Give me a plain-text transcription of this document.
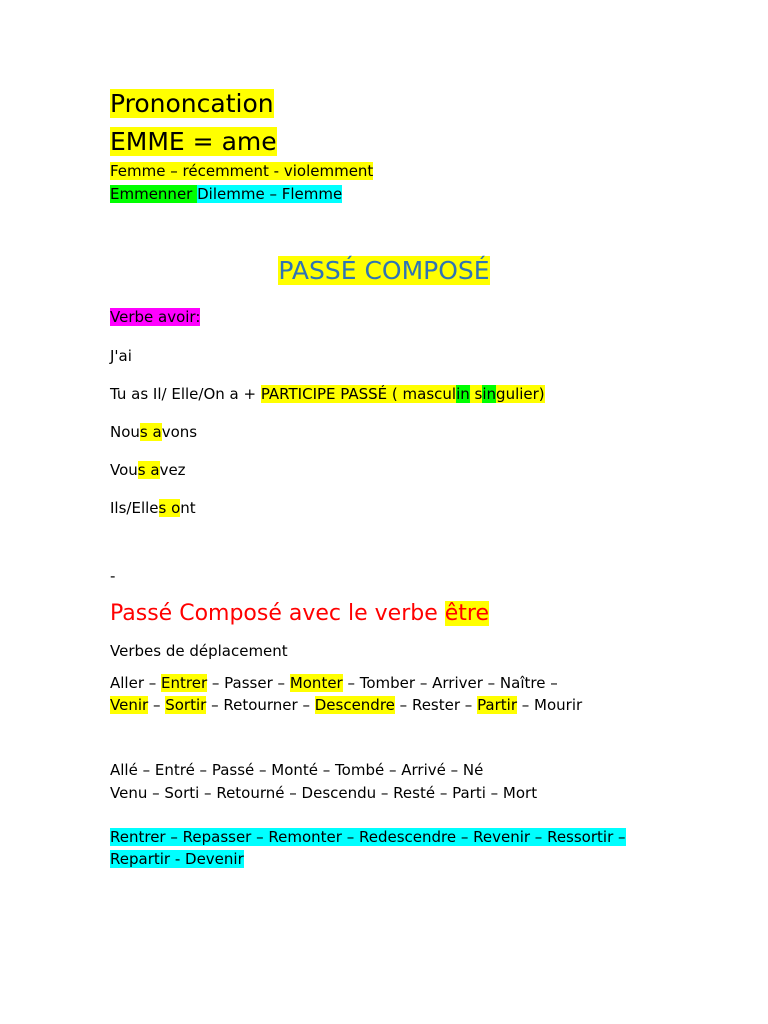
Prononcation
EMME = ame
Femme – récemment - violemment
Emmenner Dilemme – Flemme
PASSÉ COMPOSÉ
Verbe avoir:
J'ai
Tu as Il/ Elle/On a + PARTICIPE PASSÉ ( masculin singulier)
Nous avons
Vous avez
Ils/Elles ont
-
Passé Composé avec le verbe être
Verbes de déplacement
Aller – Entrer – Passer – Monter – Tomber – Arriver – Naître –
Venir – Sortir – Retourner – Descendre – Rester – Partir – Mourir
Allé – Entré – Passé – Monté – Tombé – Arrivé – Né
Venu – Sorti – Retourné – Descendu – Resté – Parti – Mort
Rentrer – Repasser – Remonter – Redescendre – Revenir – Ressortir –
Repartir - Devenir
